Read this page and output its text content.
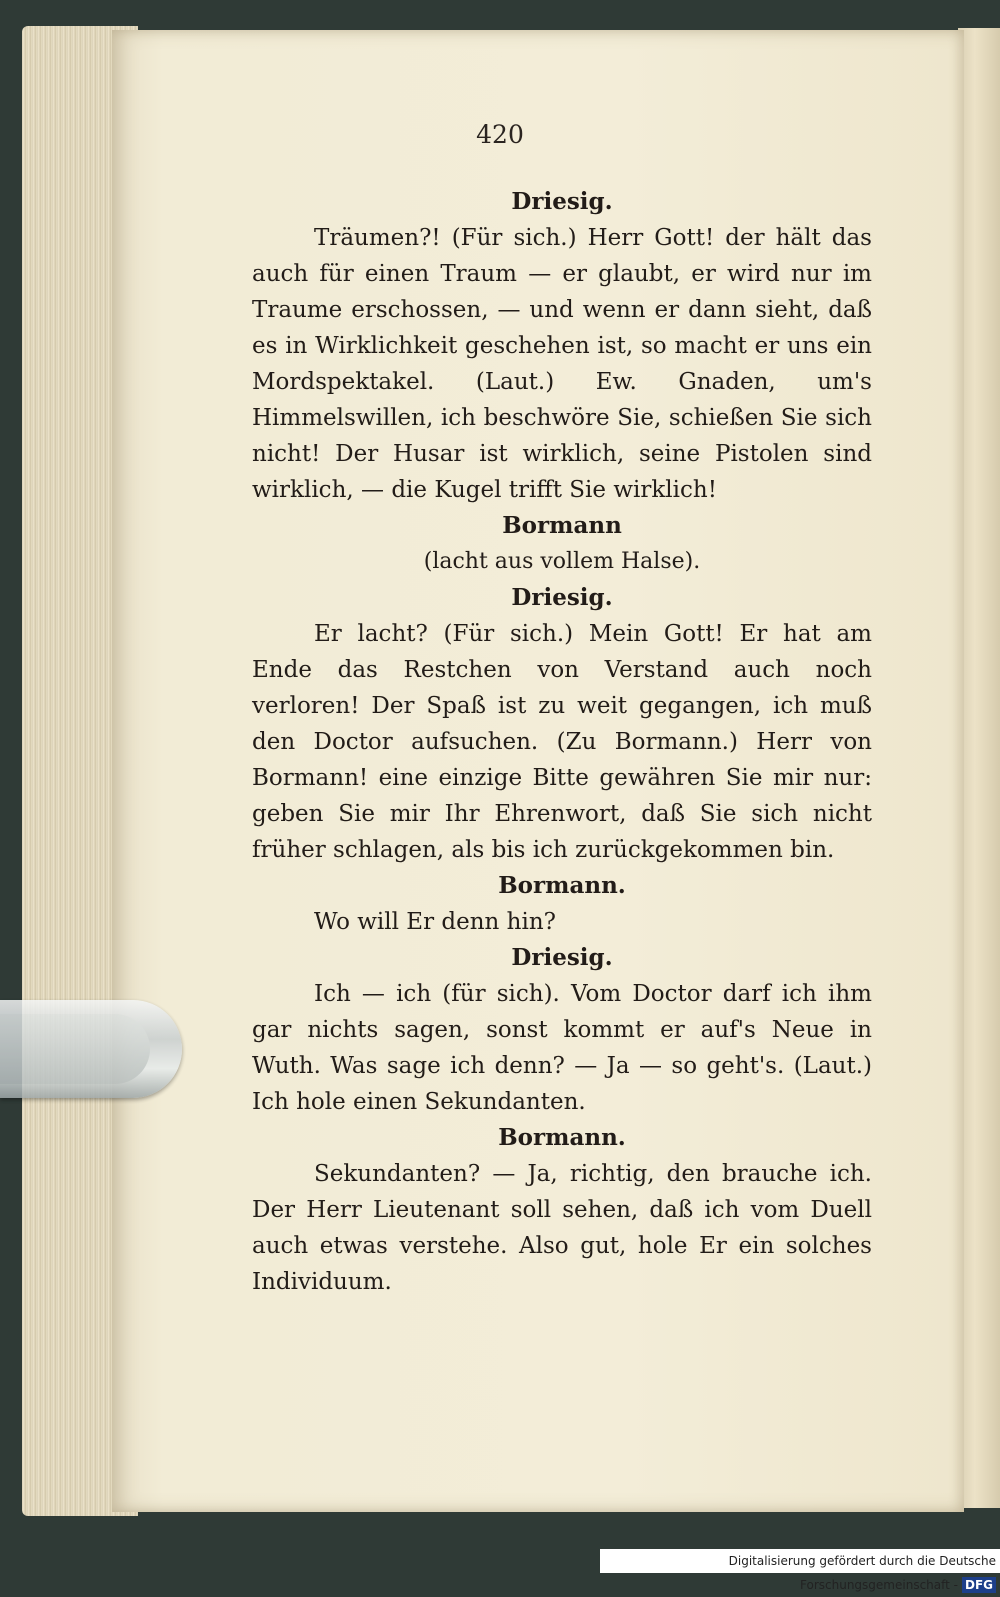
420

Driesig.

Träumen?! (Für sich.) Herr Gott! der hält das auch für einen Traum — er glaubt, er wird nur im Traume erschossen, — und wenn er dann sieht, daß es in Wirklichkeit geschehen ist, so macht er uns ein Mordspektakel. (Laut.) Ew. Gnaden, um's Himmelswillen, ich beschwöre Sie, schießen Sie sich nicht! Der Husar ist wirklich, seine Pistolen sind wirklich, — die Kugel trifft Sie wirklich!

Bormann

(lacht aus vollem Halse).

Driesig.

Er lacht? (Für sich.) Mein Gott! Er hat am Ende das Restchen von Verstand auch noch verloren! Der Spaß ist zu weit gegangen, ich muß den Doctor aufsuchen. (Zu Bormann.) Herr von Bormann! eine einzige Bitte gewähren Sie mir nur: geben Sie mir Ihr Ehrenwort, daß Sie sich nicht früher schlagen, als bis ich zurückgekommen bin.

Bormann.

Wo will Er denn hin?

Driesig.

Ich — ich (für sich). Vom Doctor darf ich ihm gar nichts sagen, sonst kommt er auf's Neue in Wuth. Was sage ich denn? — Ja — so geht's. (Laut.) Ich hole einen Sekundanten.

Bormann.

Sekundanten? — Ja, richtig, den brauche ich. Der Herr Lieutenant soll sehen, daß ich vom Duell auch etwas verstehe. Also gut, hole Er ein solches Individuum.

Digitalisierung gefördert durch die Deutsche Forschungsgemeinschaft - DFG
